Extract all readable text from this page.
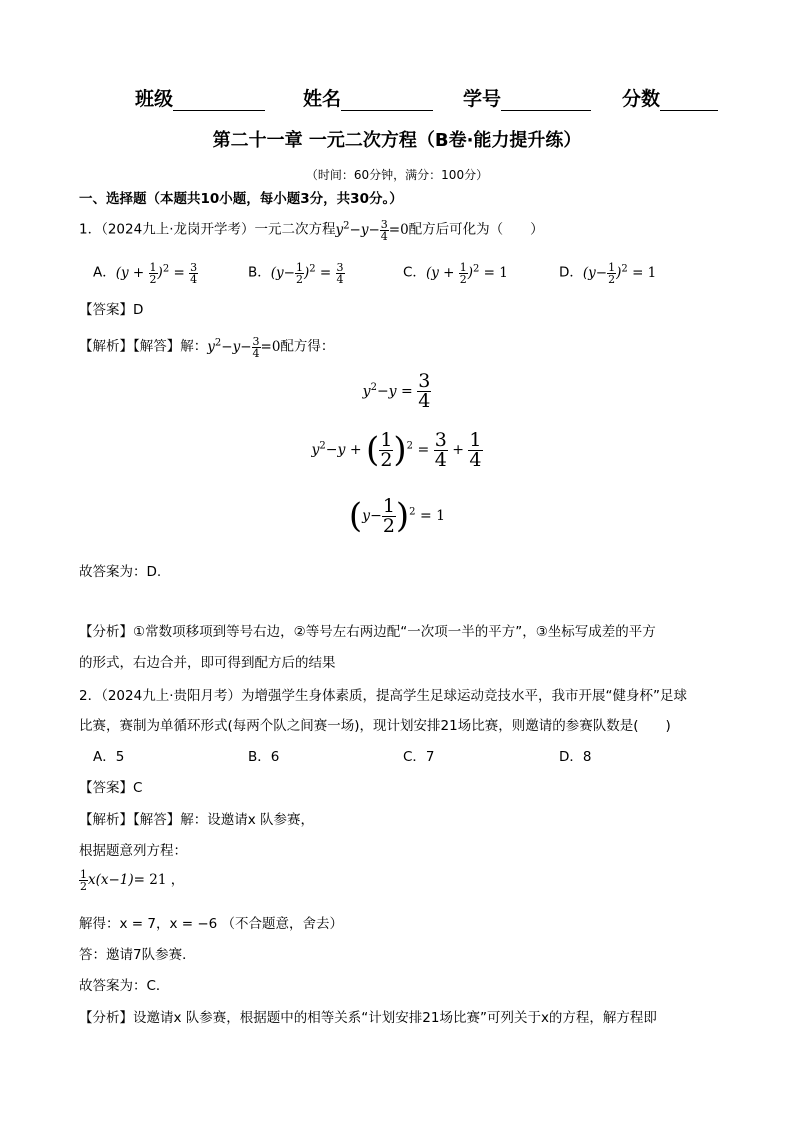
班级	姓名	学号	分数
第二十一章 一元二次方程（B卷·能力提升练）
（时间：60分钟，满分：100分）
一、选择题（本题共10小题，每小题3分，共30分。）
1．（2024九上·龙岗开学考）一元二次方程$y^2-y- \frac{3}{4} =0$配方后可化为（　　）
A．$(y + \frac{1}{2} )^2 = \frac{3}{4}$	B．$(y- \frac{1}{2} )^2 = \frac{3}{4}$	C．$(y + \frac{1}{2} )^2 = 1$	D．$(y- \frac{1}{2} )^2 = 1$
【答案】D
【解析】【解答】解：$y^2-y- \frac{3}{4} =0$配方得：
$y^2-y = \frac{3}{4}$
$y^2-y$ + ( $\frac{1}{2} )^2 = \frac{3}{4} + \frac{1}{4}$
$(y- \frac{1}{2} )^2 = 1$
故答案为：D.
【分析】①常数项移项到等号右边，②等号左右两边配“一次项一半的平方”，③坐标写成差的平方
的形式，右边合并，即可得到配方后的结果
2．（2024九上·贵阳月考）为增强学生身体素质，提高学生足球运动竞技水平，我市开展“健身杯”足球
比赛，赛制为单循环形式(每两个队之间赛一场)，现计划安排21场比赛，则邀请的参赛队数是(　　)
A．5	B．6	C．7	D．8
【答案】C
【解析】【解答】解：设邀请x 队参赛，
根据题意列方程：
$\frac{1}{2} x(x-1)= 21$ ，
解得：x = 7，x = −6 （不合题意，舍去）
答：邀请7队参赛．
故答案为：C．
【分析】设邀请x 队参赛，根据题中的相等关系“计划安排21场比赛”可列关于x的方程，解方程即
